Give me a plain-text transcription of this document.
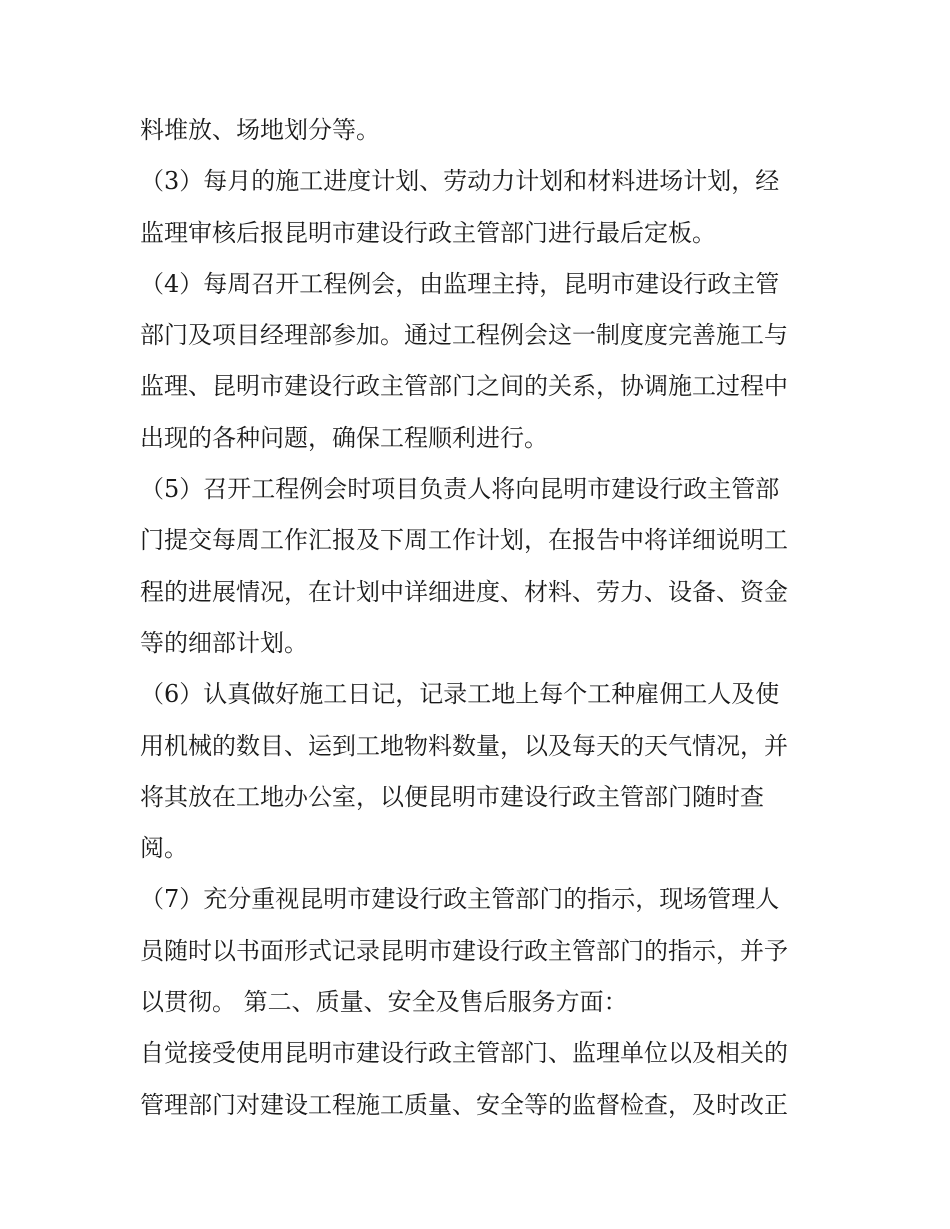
料堆放、场地划分等。
（3）每月的施工进度计划、劳动力计划和材料进场计划，经
监理审核后报昆明市建设行政主管部门进行最后定板。
（4）每周召开工程例会，由监理主持，昆明市建设行政主管
部门及项目经理部参加。通过工程例会这一制度度完善施工与
监理、昆明市建设行政主管部门之间的关系，协调施工过程中
出现的各种问题，确保工程顺利进行。
（5）召开工程例会时项目负责人将向昆明市建设行政主管部
门提交每周工作汇报及下周工作计划，在报告中将详细说明工
程的进展情况，在计划中详细进度、材料、劳力、设备、资金
等的细部计划。
（6）认真做好施工日记，记录工地上每个工种雇佣工人及使
用机械的数目、运到工地物料数量，以及每天的天气情况，并
将其放在工地办公室，以便昆明市建设行政主管部门随时查
阅。
（7）充分重视昆明市建设行政主管部门的指示，现场管理人
员随时以书面形式记录昆明市建设行政主管部门的指示，并予
以贯彻。 第二、质量、安全及售后服务方面：
自觉接受使用昆明市建设行政主管部门、监理单位以及相关的
管理部门对建设工程施工质量、安全等的监督检查，及时改正
